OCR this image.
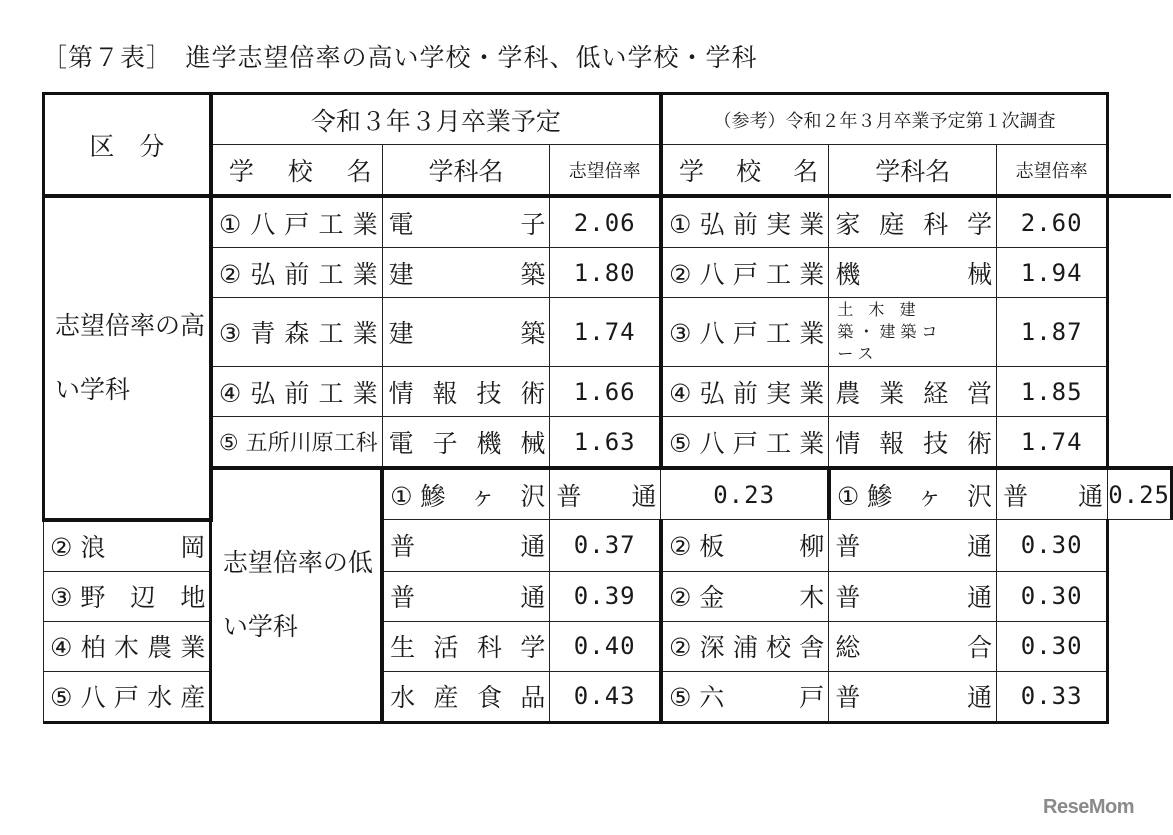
［第７表］　進学志望倍率の高い学校・学科、低い学校・学科
区　分	令和３年３月卒業予定			（参考）令和２年３月卒業予定第１次調査			
	学　校　名	学科名	志望倍率	学　校　名	学科名	志望倍率	

志望倍率の高い学科	① 八 戸 工 業	電　　子	2.06	① 弘 前 実 業	家庭科学	2.60	
	② 弘 前 工 業	建　　築	1.80	② 八 戸 工 業	機　　械	1.94	
	③ 青 森 工 業	建　　築	1.74	③ 八 戸 工 業	土 木 建 築・建築コース	1.87	
	④ 弘 前 工 業	情報技術	1.66	④ 弘 前 実 業	農業経営	1.85	
	⑤ 五所川原工科	電子機械	1.63	⑤ 八 戸 工 業	情報技術	1.74	

	志望倍率の低い学科	① 鰺　ヶ　沢	普　　通	0.23	① 鰺　ヶ　沢	普　　通	0.25
② 浪　　　岡		普　　通	0.37	② 板　　　柳	普　　通	0.30	
③ 野　辺　地		普　　通	0.39	② 金　　　木	普　　通	0.30	
④ 柏 木 農 業		生活科学	0.40	② 深 浦 校 舎	総　　合	0.30	
⑤ 八 戸 水 産		水産食品	0.43	⑤ 六　　　戸	普　　通	0.33	
ReseMom
